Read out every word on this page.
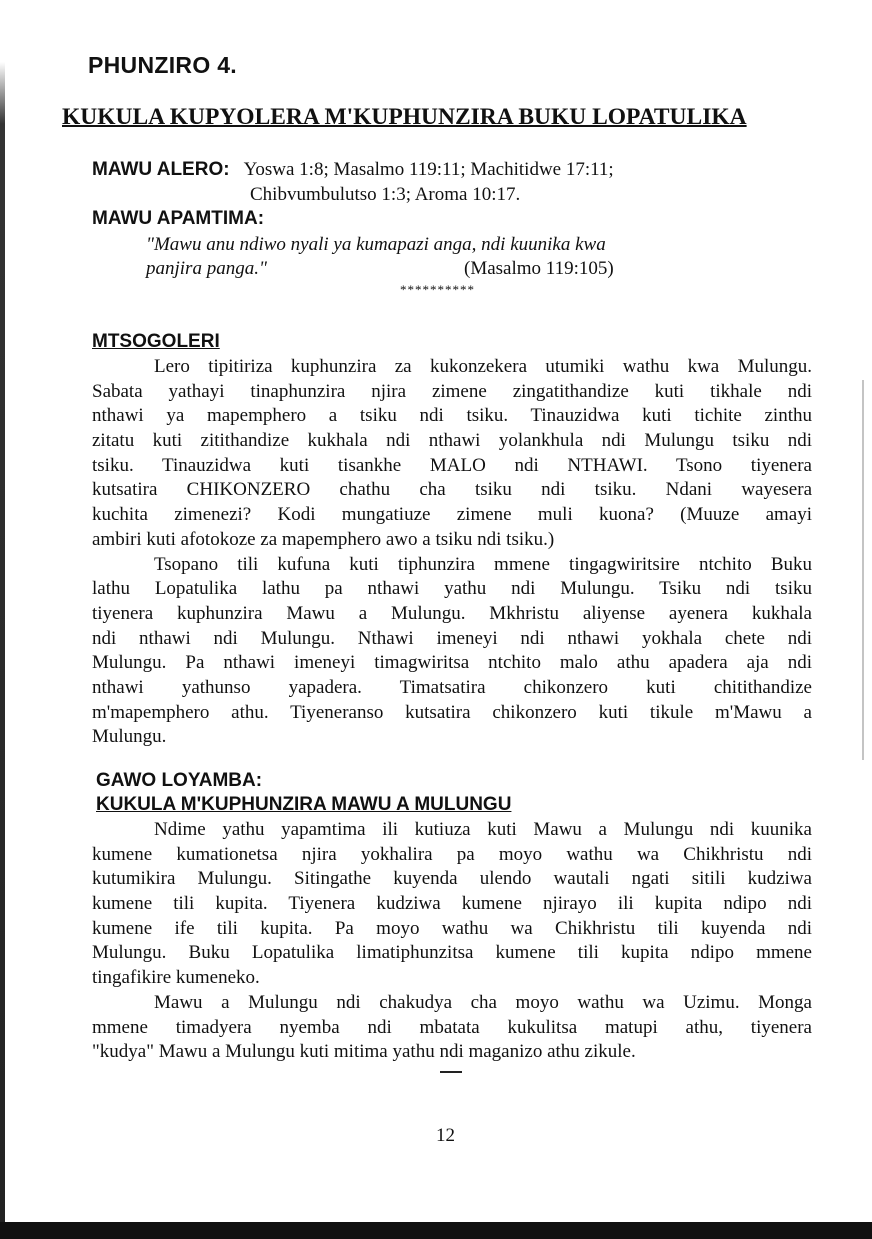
PHUNZIRO 4.
KUKULA KUPYOLERA M'KUPHUNZIRA BUKU LOPATULIKA
MAWU ALERO: Yoswa 1:8; Masalmo 119:11; Machitidwe 17:11;
Chibvumbulutso 1:3; Aroma 10:17.
MAWU APAMTIMA:
"Mawu anu ndiwo nyali ya kumapazi anga, ndi kuunika kwa
panjira panga."	(Masalmo 119:105)
**********
MTSOGOLERI
Lero tipitiriza kuphunzira za kukonzekera utumiki wathu kwa Mulungu.
Sabata yathayi tinaphunzira njira zimene zingatithandize kuti tikhale ndi
nthawi ya mapemphero a tsiku ndi tsiku. Tinauzidwa kuti tichite zinthu
zitatu kuti zitithandize kukhala ndi nthawi yolankhula ndi Mulungu tsiku ndi
tsiku. Tinauzidwa kuti tisankhe MALO ndi NTHAWI. Tsono tiyenera
kutsatira CHIKONZERO chathu cha tsiku ndi tsiku. Ndani wayesera
kuchita zimenezi? Kodi mungatiuze zimene muli kuona? (Muuze amayi
ambiri kuti afotokoze za mapemphero awo a tsiku ndi tsiku.)
Tsopano tili kufuna kuti tiphunzira mmene tingagwiritsire ntchito Buku
lathu Lopatulika lathu pa nthawi yathu ndi Mulungu. Tsiku ndi tsiku
tiyenera kuphunzira Mawu a Mulungu. Mkhristu aliyense ayenera kukhala
ndi nthawi ndi Mulungu. Nthawi imeneyi ndi nthawi yokhala chete ndi
Mulungu. Pa nthawi imeneyi timagwiritsa ntchito malo athu apadera aja ndi
nthawi yathunso yapadera. Timatsatira chikonzero kuti chitithandize
m'mapemphero athu. Tiyeneranso kutsatira chikonzero kuti tikule m'Mawu a
Mulungu.
GAWO LOYAMBA:
KUKULA M'KUPHUNZIRA MAWU A MULUNGU
Ndime yathu yapamtima ili kutiuza kuti Mawu a Mulungu ndi kuunika
kumene kumationetsa njira yokhalira pa moyo wathu wa Chikhristu ndi
kutumikira Mulungu. Sitingathe kuyenda ulendo wautali ngati sitili kudziwa
kumene tili kupita. Tiyenera kudziwa kumene njirayo ili kupita ndipo ndi
kumene ife tili kupita. Pa moyo wathu wa Chikhristu tili kuyenda ndi
Mulungu. Buku Lopatulika limatiphunzitsa kumene tili kupita ndipo mmene
tingafikire kumeneko.
Mawu a Mulungu ndi chakudya cha moyo wathu wa Uzimu. Monga
mmene timadyera nyemba ndi mbatata kukulitsa matupi athu, tiyenera
"kudya" Mawu a Mulungu kuti mitima yathu ndi maganizo athu zikule.
12
